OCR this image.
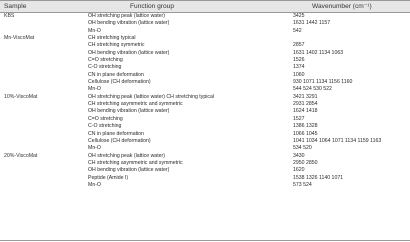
Sample	Function group	Wavenumber (cm⁻¹)
KBS	OH stretching peak (lattice water)	3425
OH bending vibration (lattice water)	1631 1442 1157
Mn-O	542
Mn-ViscoMat	CH stretching typical
CH stretching symmetric	2857
OH bending vibration (lattice water)	1631 1402 1134 1063
C=O stretching	1526
C-O stretching	1374
CN in plane deformation	1060
Cellulose (CH deformation)	930 1071 1134 1156 1160
Mn-O	544 524 530 522
10%-ViscoMat	OH stretching peak (lattice water) CH stretching typical	3421 3291
CH stretching asymmetric and symmetric	2931 2854
OH bending vibration (lattice water)	1624 1418
C=O stretching	1527
C-O stretching	1386 1328
CN in plane deformation	1066 1045
Cellulose (CH deformation)	1041 1034 1064 1071 1134 1159 1163
Mn-O	534 520
20%-ViscoMat	OH stretching peak (lattice water)	3430
CH stretching asymmetric and symmetric	2950 2850
OH bending vibration (lattice water)	1620
Peptide (Amide I)	1538 1326 1140 1071
Mn-O	573 524
